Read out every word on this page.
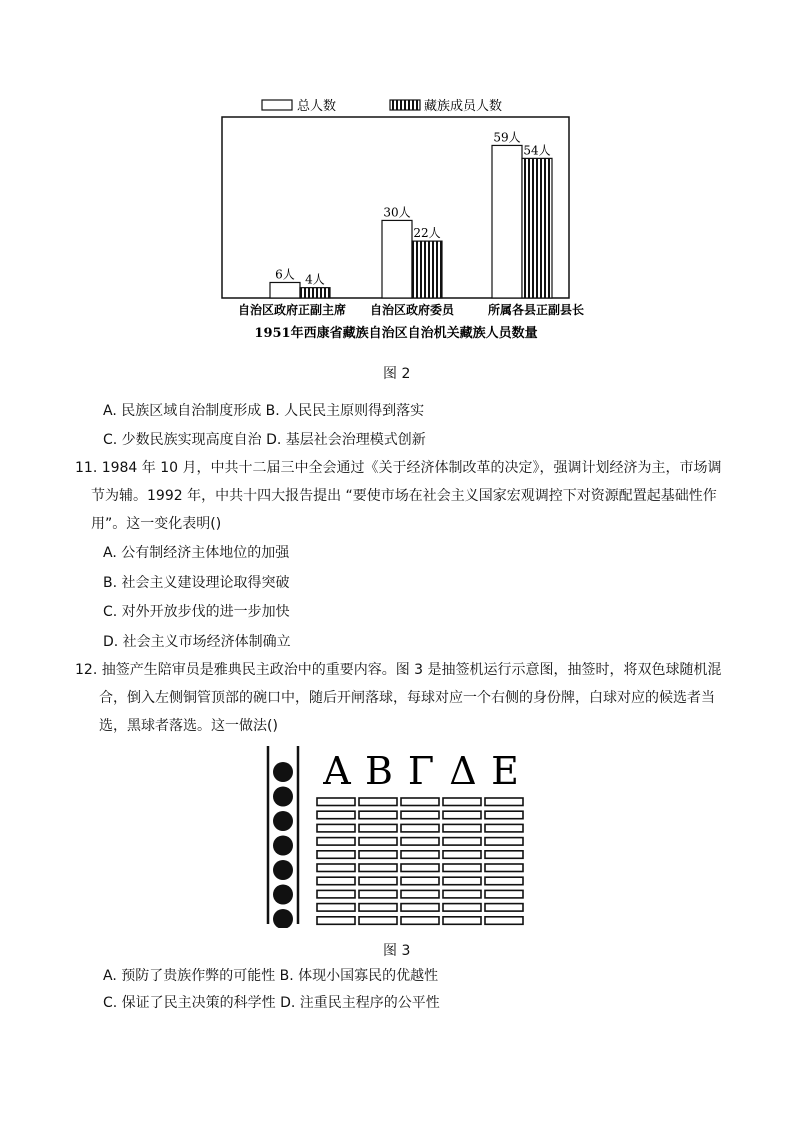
总人数	藏族成员人数
6人 4人
30人
22人
59人
54人
自治区政府正副主席 自治区政府委员	所属各县正副县长
1951年西康省藏族自治区自治机关藏族人员数量
图 2
A. 民族区域自治制度形成 B. 人民民主原则得到落实
C. 少数民族实现高度自治 D. 基层社会治理模式创新
11. 1984 年 10 月，中共十二届三中全会通过《关于经济体制改革的决定》，强调计划经济为主，市场调
节为辅。1992 年，中共十四大报告提出 “要使市场在社会主义国家宏观调控下对资源配置起基础性作
用”。这一变化表明()
A. 公有制经济主体地位的加强
B. 社会主义建设理论取得突破
C. 对外开放步伐的进一步加快
D. 社会主义市场经济体制确立
12. 抽签产生陪审员是雅典民主政治中的重要内容。图 3 是抽签机运行示意图，抽签时，将双色球随机混
合，倒入左侧铜管顶部的碗口中，随后开闸落球，每球对应一个右侧的身份牌，白球对应的候选者当
选，黑球者落选。这一做法()
A B Γ Δ E
图 3
A. 预防了贵族作弊的可能性 B. 体现小国寡民的优越性
C. 保证了民主决策的科学性 D. 注重民主程序的公平性
